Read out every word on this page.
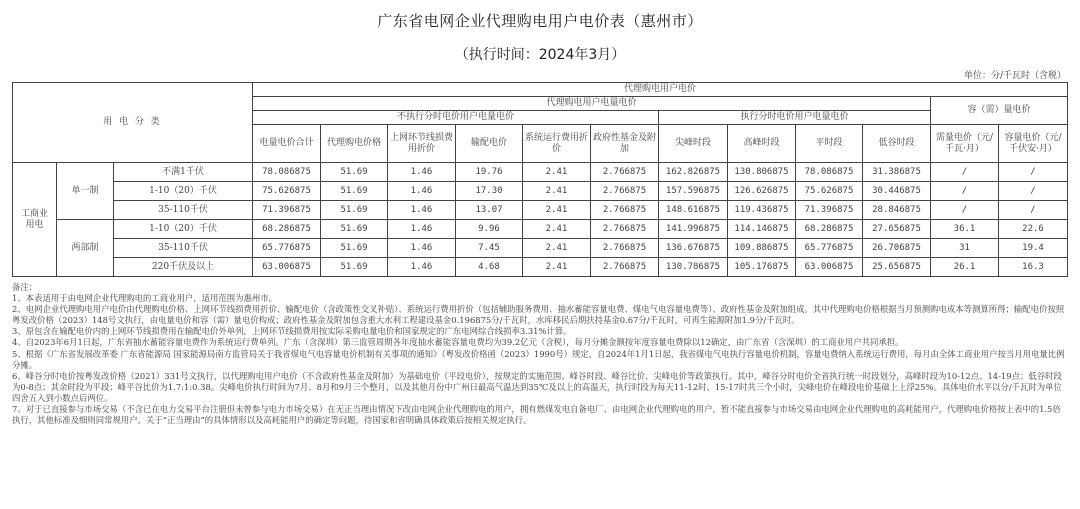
广东省电网企业代理购电用户电价表（惠州市）
（执行时间：2024年3月）
单位：分/千瓦时（含税）
用 电 分 类			代理购电用户电价											
			代理购电用户电量电价										容（需）量电价	
			不执行分时电价用户电量电价						执行分时电价用户电量电价					
			电量电价合计	代理购电价格	上网环节线损费用折价	输配电价	系统运行费用折价	政府性基金及附加	尖峰时段	高峰时段	平时段	低谷时段	需量电价（元/千瓦·月）	容量电价（元/千伏安·月）
工商业用电	单一制	不满1千伏	78.086875	51.69	1.46	19.76	2.41	2.766875	162.826875	130.806875	78.086875	31.386875	/	/
		1-10（20）千伏	75.626875	51.69	1.46	17.30	2.41	2.766875	157.596875	126.626875	75.626875	30.446875	/	/
		35-110千伏	71.396875	51.69	1.46	13.07	2.41	2.766875	148.616875	119.436875	71.396875	28.846875	/	/
	两部制	1-10（20）千伏	68.286875	51.69	1.46	9.96	2.41	2.766875	141.996875	114.146875	68.286875	27.656875	36.1	22.6
		35-110千伏	65.776875	51.69	1.46	7.45	2.41	2.766875	136.676875	109.886875	65.776875	26.706875	31	19.4
		220千伏及以上	63.006875	51.69	1.46	4.68	2.41	2.766875	130.786875	105.176875	63.006875	25.656875	26.1	16.3

备注：

1、本表适用于由电网企业代理购电的工商业用户，适用范围为惠州市。

2、电网企业代理购电用户电价由代理购电价格、上网环节线损费用折价、输配电价（含政策性交叉补贴）、系统运行费用折价（包括辅助服务费用、抽水蓄能容量电费、煤电气电容量电费等）、政府性基金及附加组成。其中代理购电价格根据当月预测购电成本等测算所得；输配电价按照粤发改价格（2023）148号文执行，由电量电价和容（需）量电价构成；政府性基金及附加包含重大水利工程建设基金0.196875分/千瓦时，水库移民后期扶持基金0.67分/千瓦时，可再生能源附加1.9分/千瓦时。

3、原包含在输配电价内的上网环节线损费用在输配电价外单列，上网环节线损费用按实际采购电量电价和国家规定的广东电网综合线损率3.31%计算。

4、自2023年6月1日起，广东省抽水蓄能容量电费作为系统运行费单列。广东（含深圳）第三监管周期各年度抽水蓄能容量电费均为39.2亿元（含税），每月分摊金额按年度容量电费除以12确定，由广东省（含深圳）的工商业用户共同承担。

5、根据《广东省发展改革委 广东省能源局 国家能源局南方监管局关于我省煤电气电容量电价机制有关事项的通知》（粤发改价格函（2023）1990号）规定，自2024年1月1日起，我省煤电气电执行容量电价机制，容量电费纳入系统运行费用，每月由全体工商业用户按当月用电量比例分摊。

6、峰谷分时电价按粤发改价格（2021）331号文执行，以代理购电用户电价（不含政府性基金及附加）为基础电价（平段电价），按规定的实施范围、峰谷时段、峰谷比价、尖峰电价等政策执行。其中，峰谷分时电价全省执行统一时段划分，高峰时段为10-12点、14-19点；低谷时段为0-8点；其余时段为平段；峰平谷比价为1.7:1:0.38。尖峰电价执行时间为7月、8月和9月三个整月，以及其他月份中广州日最高气温达到35℃及以上的高温天，执行时段为每天11-12时、15-17时共三个小时，尖峰电价在峰段电价基础上上浮25%。具体电价水平以分/千瓦时为单位四舍五入到小数点后两位。

7、对于已直接参与市场交易（不含已在电力交易平台注册但未曾参与电力市场交易）在无正当理由情况下改由电网企业代理购电的用户，拥有燃煤发电自备电厂、由电网企业代理购电的用户，暂不能直接参与市场交易由电网企业代理购电的高耗能用户，代理购电价格按上表中的1.5倍执行，其他标准及细则同常规用户。关于“正当理由”的具体情形以及高耗能用户的确定等问题，待国家和省明确具体政策后按相关规定执行。
